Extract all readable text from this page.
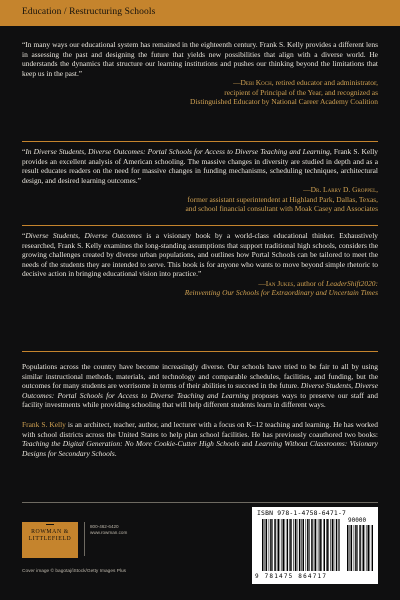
Education / Restructuring Schools
“In many ways our educational system has remained in the eighteenth century. Frank S. Kelly provides a different lens in assessing the past and designing the future that yields new possibilities that align with a diverse world. He understands the dynamics that structure our learning institutions and pushes our thinking beyond the limitations that keep us in the past.”
—Debi Koch, retired educator and administrator,
recipient of Principal of the Year, and recognized as
Distinguished Educator by National Career Academy Coalition
“In Diverse Students, Diverse Outcomes: Portal Schools for Access to Diverse Teaching and Learning, Frank S. Kelly provides an excellent analysis of American schooling. The massive changes in diversity are studied in depth and as a result educates readers on the need for massive changes in funding mechanisms, scheduling techniques, architectural design, and desired learning outcomes.”
—Dr. Larry D. Groppel,
former assistant superintendent at Highland Park, Dallas, Texas,
and school financial consultant with Moak Casey and Associates
“Diverse Students, Diverse Outcomes is a visionary book by a world-class educational thinker. Exhaustively researched, Frank S. Kelly examines the long-standing assumptions that support traditional high schools, considers the growing challenges created by diverse urban populations, and outlines how Portal Schools can be tailored to meet the needs of the students they are intended to serve. This book is for anyone who wants to move beyond simple rhetoric to decisive action in bringing educational vision into practice.”
—Ian Jukes, author of LeaderShift2020:
Reinventing Our Schools for Extraordinary and Uncertain Times
Populations across the country have become increasingly diverse. Our schools have tried to be fair to all by using similar instructional methods, materials, and technology and comparable schedules, facilities, and funding, but the outcomes for many students are worrisome in terms of their abilities to succeed in the future. Diverse Students, Diverse Outcomes: Portal Schools for Access to Diverse Teaching and Learning proposes ways to preserve our staff and facility investments while providing schooling that will help different students learn in different ways.
Frank S. Kelly is an architect, teacher, author, and lecturer with a focus on K–12 teaching and learning. He has worked with school districts across the United States to help plan school facilities. He has previously coauthored two books: Teaching the Digital Generation: No More Cookie-Cutter High Schools and Learning Without Classrooms: Visionary Designs for Secondary Schools.
ROWMAN &
LITTLEFIELD
800-462-6420
www.rowman.com
Cover image © bagotaj/iStock/Getty Images Plus
ISBN 978-1-4758-6471-7
90000
9 781475 864717
